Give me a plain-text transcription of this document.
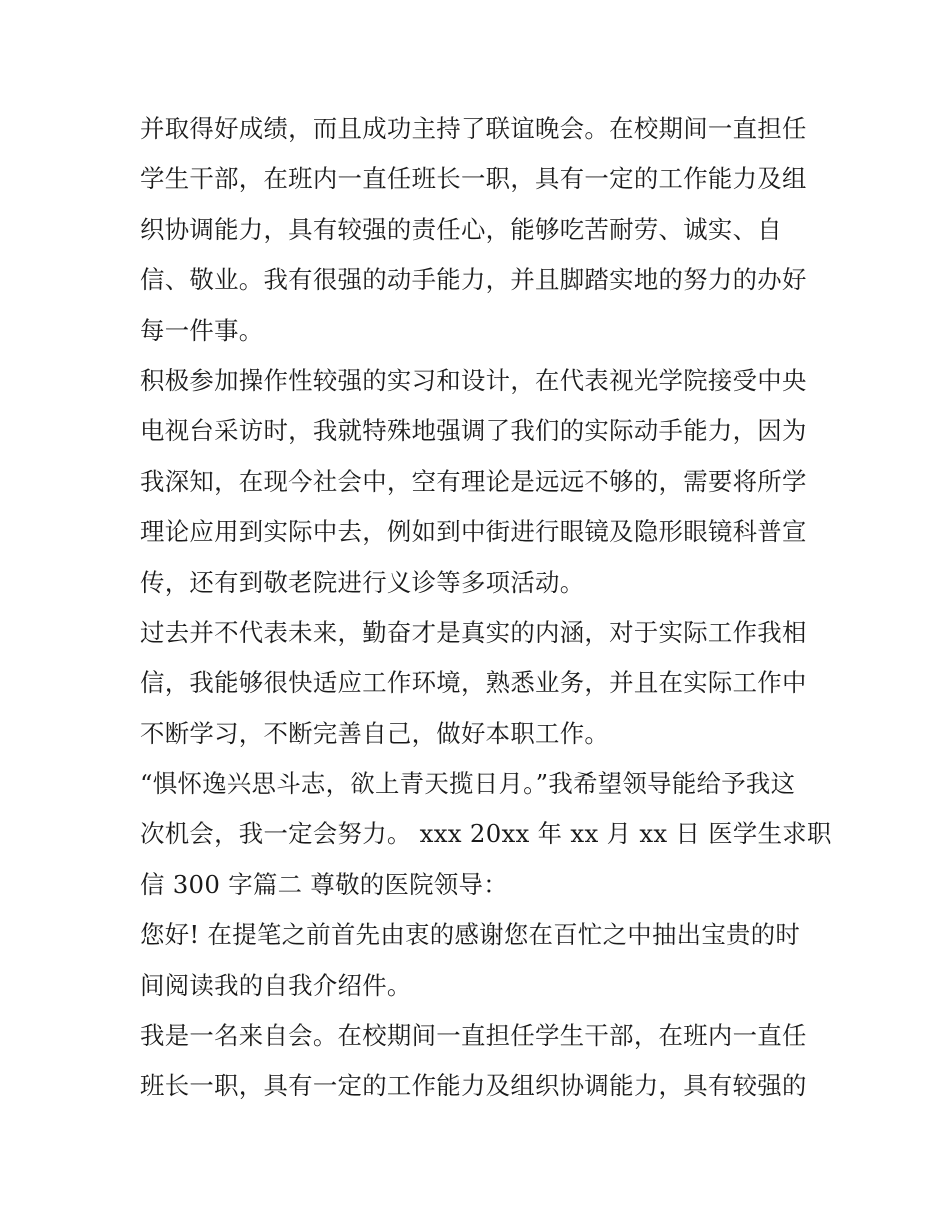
并取得好成绩，而且成功主持了联谊晚会。在校期间一直担任
学生干部，在班内一直任班长一职，具有一定的工作能力及组
织协调能力，具有较强的责任心，能够吃苦耐劳、诚实、自
信、敬业。我有很强的动手能力，并且脚踏实地的努力的办好
每一件事。
积极参加操作性较强的实习和设计，在代表视光学院接受中央
电视台采访时，我就特殊地强调了我们的实际动手能力，因为
我深知，在现今社会中，空有理论是远远不够的，需要将所学
理论应用到实际中去，例如到中街进行眼镜及隐形眼镜科普宣
传，还有到敬老院进行义诊等多项活动。
过去并不代表未来，勤奋才是真实的内涵，对于实际工作我相
信，我能够很快适应工作环境，熟悉业务，并且在实际工作中
不断学习，不断完善自己，做好本职工作。
“惧怀逸兴思斗志，欲上青天揽日月。”我希望领导能给予我这
次机会，我一定会努力。 xxx 20xx 年 xx 月 xx 日 医学生求职
信 300 字篇二 尊敬的医院领导：
您好! 在提笔之前首先由衷的感谢您在百忙之中抽出宝贵的时
间阅读我的自我介绍件。
我是一名来自会。在校期间一直担任学生干部，在班内一直任
班长一职，具有一定的工作能力及组织协调能力，具有较强的
